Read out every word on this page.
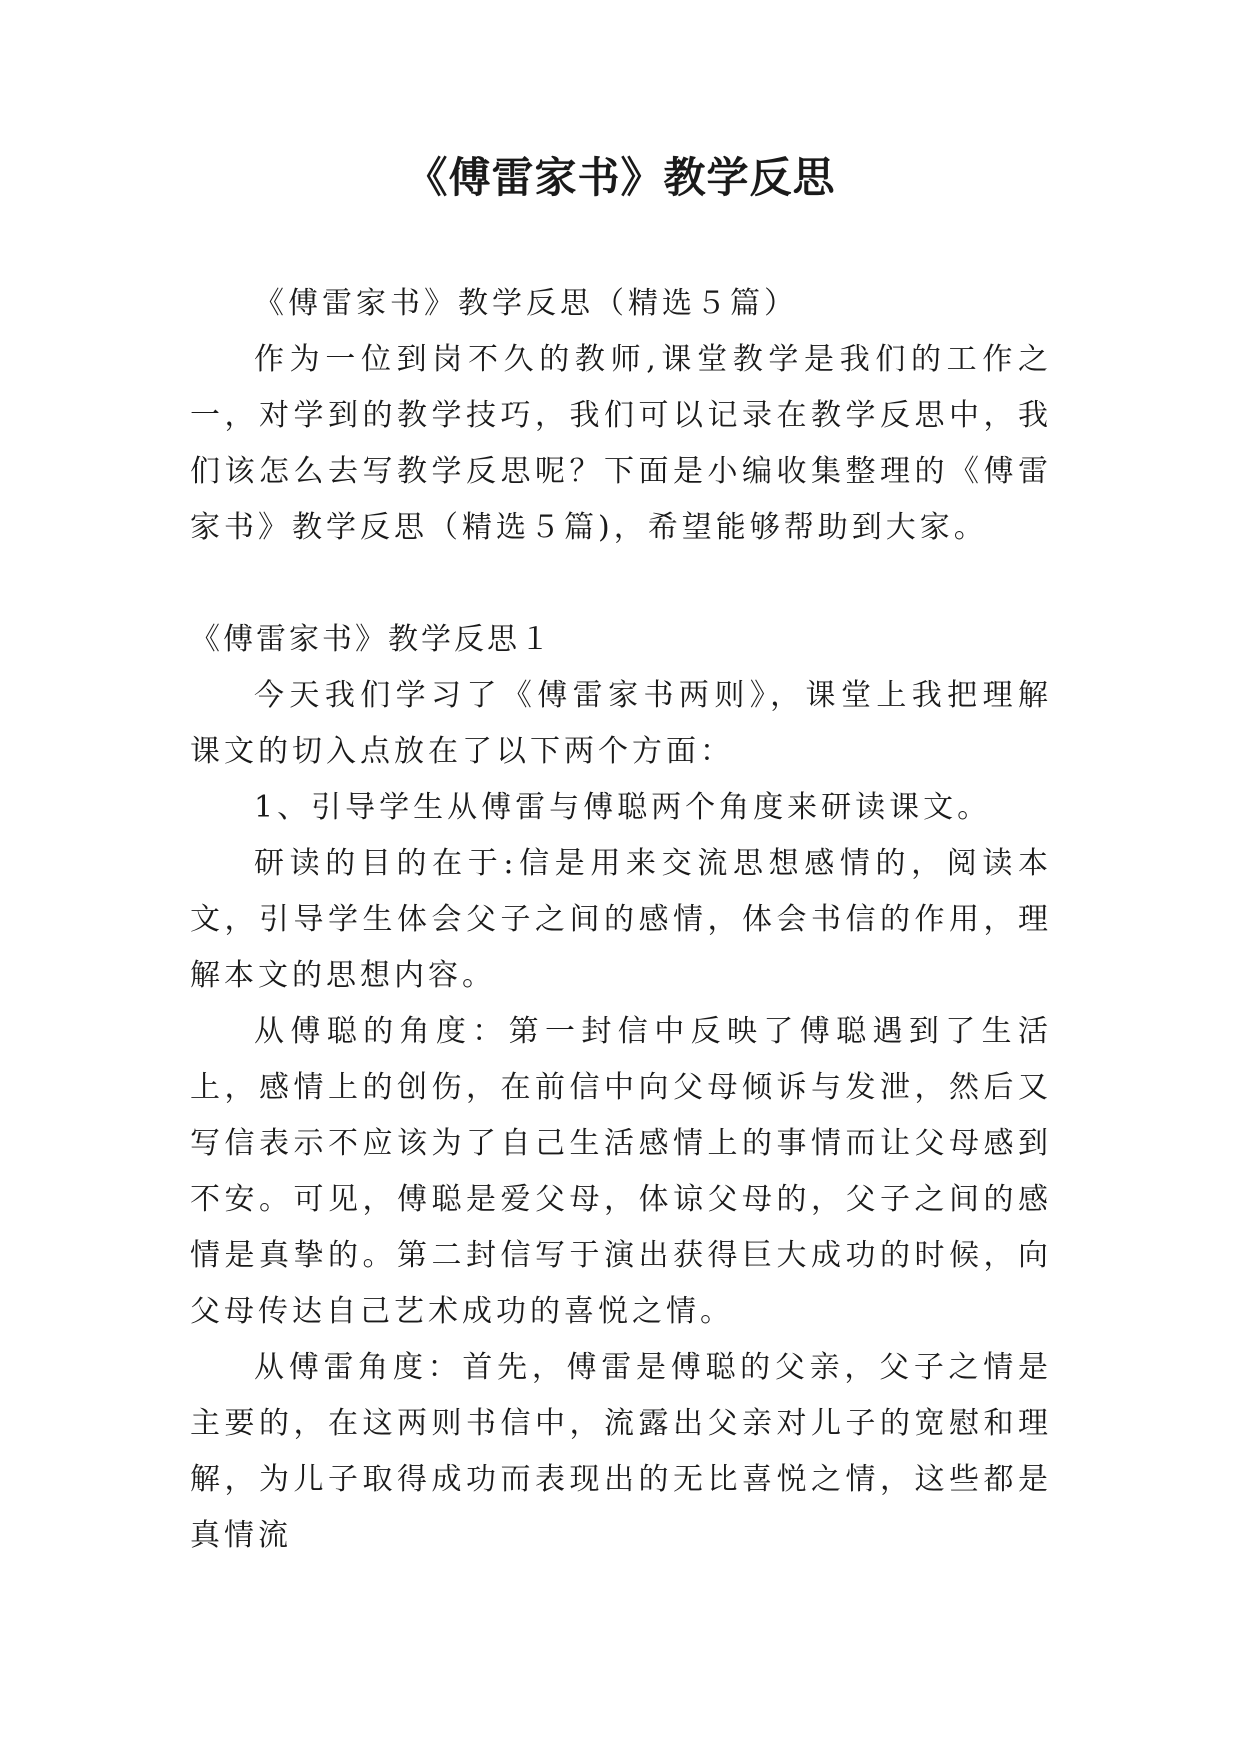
《傅雷家书》教学反思

《傅雷家书》教学反思（精选５篇）

作为一位到岗不久的教师,课堂教学是我们的工作之一，对学到的教学技巧，我们可以记录在教学反思中，我们该怎么去写教学反思呢？下面是小编收集整理的《傅雷家书》教学反思（精选５篇)，希望能够帮助到大家。

《傅雷家书》教学反思１

今天我们学习了《傅雷家书两则》，课堂上我把理解课文的切入点放在了以下两个方面：

1、引导学生从傅雷与傅聪两个角度来研读课文。

研读的目的在于:信是用来交流思想感情的，阅读本文，引导学生体会父子之间的感情，体会书信的作用，理解本文的思想内容。

从傅聪的角度：第一封信中反映了傅聪遇到了生活上，感情上的创伤，在前信中向父母倾诉与发泄，然后又写信表示不应该为了自己生活感情上的事情而让父母感到不安。可见，傅聪是爱父母，体谅父母的，父子之间的感情是真挚的。第二封信写于演出获得巨大成功的时候，向父母传达自己艺术成功的喜悦之情。

从傅雷角度：首先，傅雷是傅聪的父亲，父子之情是主要的，在这两则书信中，流露出父亲对儿子的宽慰和理解，为儿子取得成功而表现出的无比喜悦之情，这些都是真情流
